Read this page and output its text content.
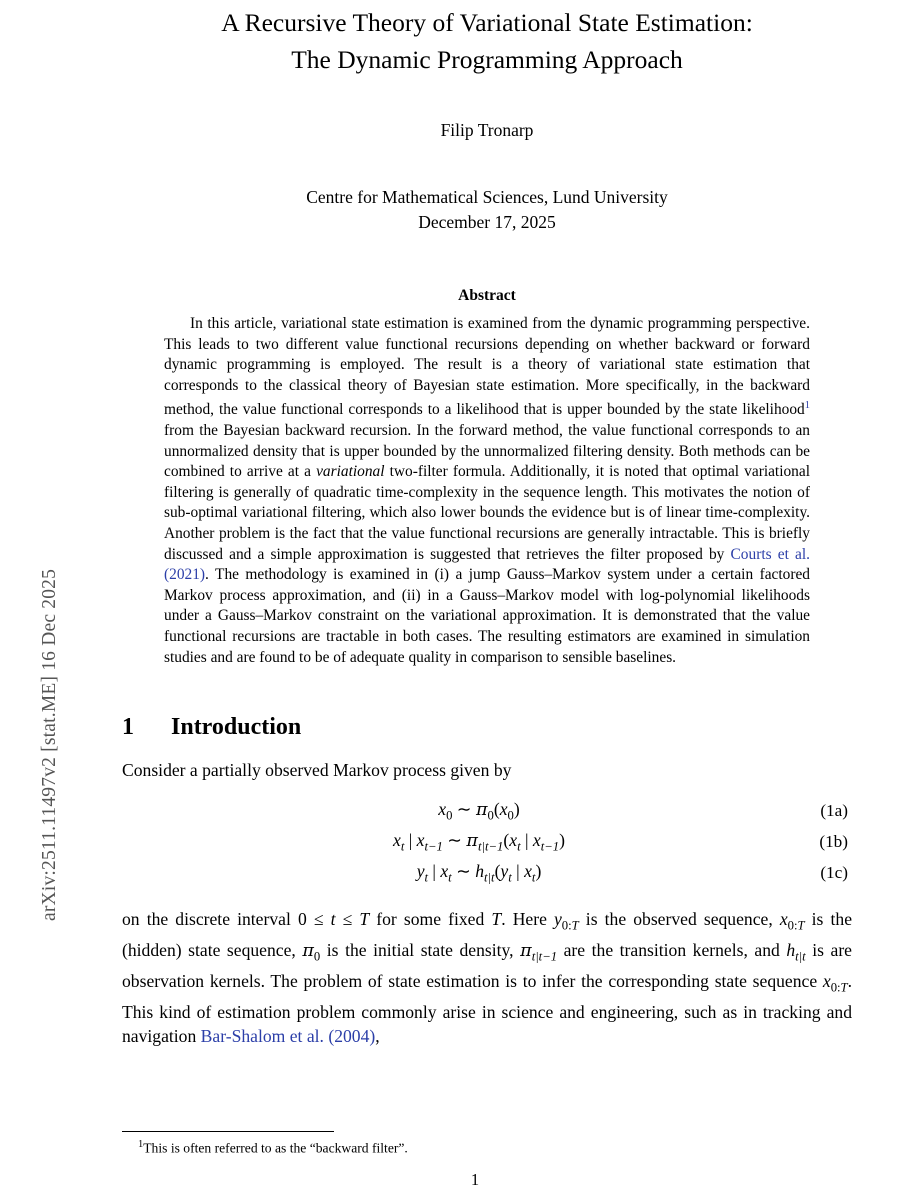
arXiv:2511.11497v2 [stat.ME] 16 Dec 2025
A Recursive Theory of Variational State Estimation:
The Dynamic Programming Approach
Filip Tronarp
Centre for Mathematical Sciences, Lund University
December 17, 2025
Abstract
In this article, variational state estimation is examined from the dynamic programming perspective. This leads to two different value functional recursions depending on whether backward or forward dynamic programming is employed. The result is a theory of variational state estimation that corresponds to the classical theory of Bayesian state estimation. More specifically, in the backward method, the value functional corresponds to a likelihood that is upper bounded by the state likelihood$^1$ from the Bayesian backward recursion. In the forward method, the value functional corresponds to an unnormalized density that is upper bounded by the unnormalized filtering density. Both methods can be combined to arrive at a variational two-filter formula. Additionally, it is noted that optimal variational filtering is generally of quadratic time-complexity in the sequence length. This motivates the notion of sub-optimal variational filtering, which also lower bounds the evidence but is of linear time-complexity. Another problem is the fact that the value functional recursions are generally intractable. This is briefly discussed and a simple approximation is suggested that retrieves the filter proposed by Courts et al. (2021). The methodology is examined in (i) a jump Gauss–Markov system under a certain factored Markov process approximation, and (ii) in a Gauss–Markov model with log-polynomial likelihoods under a Gauss–Markov constraint on the variational approximation. It is demonstrated that the value functional recursions are tractable in both cases. The resulting estimators are examined in simulation studies and are found to be of adequate quality in comparison to sensible baselines.
1	Introduction
Consider a partially observed Markov process given by
$x_0$ ∼ $\pi_0(x_0)$	(1a)
$x_t$ | $x_{t-1}$ ∼ $\pi_{t|t-1}(x_t$ | $x_{t-1}$)	(1b)
$y_t$ | $x_t$ ∼ $h_{t|t}(y_t$ | $x_t$)	(1c)
on the discrete interval 0 ≤ t ≤ T for some fixed T. Here $y_{0:T}$ is the observed sequence, $x_{0:T}$ is the (hidden) state sequence, $\pi_0$ is the initial state density, $\pi_{t|t-1}$ are the transition kernels, and $h_{t|t}$ is are observation kernels. The problem of state estimation is to infer the corresponding state sequence $x_{0:T}$. This kind of estimation problem commonly arise in science and engineering, such as in tracking and navigation Bar-Shalom et al. (2004),
$^1$This is often referred to as the “backward filter”.
1
